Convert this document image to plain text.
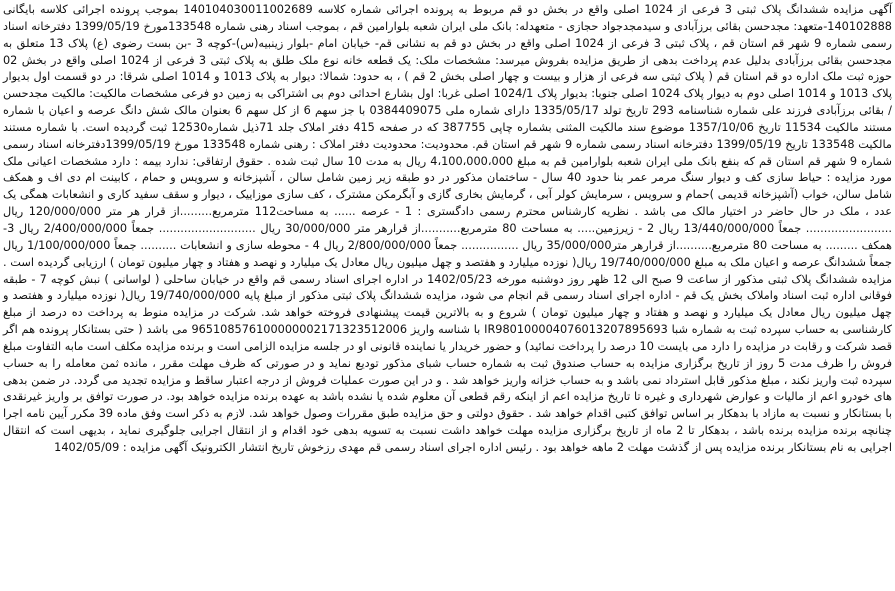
آگهی مزایده ششدانگ پلاک ثبتی 3 فرعی از 1024 اصلی واقع در بخش دو قم مربوط به پرونده اجرائی شماره کلاسه 140104030011002689 بموجب پرونده اجرائی کلاسه بایگانی 140102888-متعهد: مجدحسن بقائی برزآبادی و سیدمجدجواد حجازی - متعهدله: بانک ملی ایران شعبه بلوارامین قم ، بموجب اسناد رهنی شماره 133548مورخ 1399/05/19 دفترخانه اسناد رسمی شماره 9 شهر قم استان قم ، پلاک ثبتی 3 فرعی از 1024 اصلی واقع در بخش دو قم به نشانی قم- خیابان امام -بلوار زینبیه(س)-کوچه 3 -بن بست رضوی (ع) پلاک 13 متعلق به مجدحسن بقائی برزآبادی بدلیل عدم پرداخت بدهی از طریق مزایده بفروش میرسد: مشخصات ملک: یک قطعه خانه نوع ملک طلق به پلاک ثبتی 3 فرعی از 1024 اصلی واقع در بخش 02 حوزه ثبت ملک اداره دو قم استان قم ( پلاک ثبتی سه فرعی از هزار و بیست و چهار اصلی بخش 2 قم ) ، به حدود: شمالا: دیوار به پلاک 1013 و 1014 اصلی شرقا: در دو قسمت اول بدیوار پلاک 1013 و 1014 اصلی دوم به دیوار پلاک 1024 اصلی جنوبا: بدیوار پلاک 1024/1 اصلی غربا: اول بشارع احداثی دوم بی اشتراکی به زمین دو فرعی مشخصات مالکیت: مالکیت مجدحسن / بقائی برزآبادی فرزند علی شماره شناسنامه 293 تاریخ تولد 1335/05/17 دارای شماره ملی 0384409075 با جز سهم 6 از کل سهم 6 بعنوان مالک شش دانگ عرصه و اعیان با شماره مستند مالکیت 11534 تاریخ 1357/10/06 موضوع سند مالکیت المثنی بشماره چاپی 387755 که در صفحه 415 دفتر املاک جلد 71ذیل شماره12530 ثبت گردیده است. با شماره مستند مالکیت 133548 تاریخ 1399/05/19 دفترخانه اسناد رسمی شماره 9 شهر قم استان قم. محدودیت: محدودیت دفتر املاک : رهنی شماره 133548 مورخ 1399/05/19دفترخانه اسناد رسمی شماره 9 شهر قم استان قم که بنفع بانک ملی ایران شعبه بلوارامین قم به مبلغ 4،100،000،000 ریال به مدت 10 سال ثبت شده . حقوق ارتفاقی: ندارد بیمه : دارد مشخصات اعیانی ملک مورد مزایده : حیاط سازی کف و دیوار سنگ مرمر عمر بنا حدود 40 سال - ساختمان مذکور در دو طبقه زیر زمین شامل سالن ، آشپزخانه و سرویس و حمام ، کابینت ام دی اف و همکف شامل سالن، خواب (آشپزخانه قدیمی )حمام و سرویس ، سرمایش کولر آبی ، گرمایش بخاری گازی و آبگرمکن مشترک ، کف سازی موزاییک ، دیوار و سقف سفید کاری و انشعابات همگی یک عدد ، ملک در حال حاضر در اختیار مالک می باشد . نظریه کارشناس محترم رسمی دادگستری : 1 - عرصه ...... به مساحت112 مترمربع.........از قرار هر متر 120/000/000 ریال ........................ جمعاً 13/440/000/000 ریال 2 - زیرزمین..... به مساحت 80 مترمربع...........از قرارهر متر 30/000/000 ریال ........................... جمعاً 2/400/000/000 ریال 3-همکف ......... به مساحت 80 مترمربع..........از قرارهر متر35/000/000 ریال ................ جمعاً 2/800/000/000 ریال 4 - محوطه سازی و انشعابات .......... جمعاً 1/100/000/000 ریال جمعاً ششدانگ عرصه و اعیان ملک به مبلغ 19/740/000/000 ریال( نوزده میلیارد و هفتصد و چهل میلیون ریال معادل یک میلیارد و نهصد و هفتاد و چهار میلیون تومان ) ارزیابی گردیده است . مزایده ششدانگ پلاک ثبتی مذکور از ساعت 9 صبح الی 12 ظهر روز دوشنبه مورخه 1402/05/23 در اداره اجرای اسناد رسمی قم واقع در خیابان ساحلی ( لواسانی ) نبش کوچه 7 - طبقه فوقانی اداره ثبت اسناد واملاک بخش یک قم - اداره اجرای اسناد رسمی قم انجام می شود، مزایده ششدانگ پلاک ثبتی مذکور از مبلغ پایه 19/740/000/000 ریال( نوزده میلیارد و هفتصد و چهل میلیون ریال معادل یک میلیارد و نهصد و هفتاد و چهار میلیون تومان ) شروع و به بالاترین قیمت پیشنهادی فروخته خواهد شد. شرکت در مزایده منوط به پرداخت ده درصد از مبلغ کارشناسی به حساب سپرده ثبت به شماره شبا IR980100004076013207895693 با شناسه واریز 965108576100000002171323512006 می باشد ( حتی بستانکار پرونده هم اگر قصد شرکت و رقابت در مزایده را دارد می بایست 10 درصد را پرداخت نمائید) و حضور خریدار یا نماینده قانونی او در جلسه مزایده الزامی است و برنده مزایده مکلف است مابه التفاوت مبلغ فروش را ظرف مدت 5 روز از تاریخ برگزاری مزایده به حساب صندوق ثبت به شماره حساب شبای مذکور تودیع نماید و در صورتی که ظرف مهلت مقرر ، مانده ثمن معامله را به حساب سپرده ثبت واریز نکند ، مبلغ مذکور قابل استرداد نمی باشد و به حساب خزانه واریز خواهد شد . و در این صورت عملیات فروش از درجه اعتبار ساقط و مزایده تجدید می گردد. در ضمن بدهی های خودرو اعم از مالیات و عوارض شهرداری و غیره تا تاریخ مزایده اعم از اینکه رقم قطعی آن معلوم شده یا نشده باشد به عهده برنده مزایده خواهد بود. در صورت توافق بر واریز غیرنقدی با بستانکار و نسبت به مازاد با بدهکار بر اساس توافق کتبی اقدام خواهد شد . حقوق دولتی و حق مزایده طبق مقررات وصول خواهد شد. لازم به ذکر است وفق ماده 39 مکرر آیین نامه اجرا چنانچه برنده مزایده برنده باشد ، بدهکار تا 2 ماه از تاریخ برگزاری مزایده مهلت خواهد داشت نسبت به تسویه بدهی خود اقدام و از انتقال اجرایی جلوگیری نماید ، بدیهی است که انتقال اجرایی به نام بستانکار برنده مزایده پس از گذشت مهلت 2 ماهه خواهد بود . رئیس اداره اجرای اسناد رسمی قم مهدی رزخوش تاریخ انتشار الکترونیک آگهی مزایده : 1402/05/09
